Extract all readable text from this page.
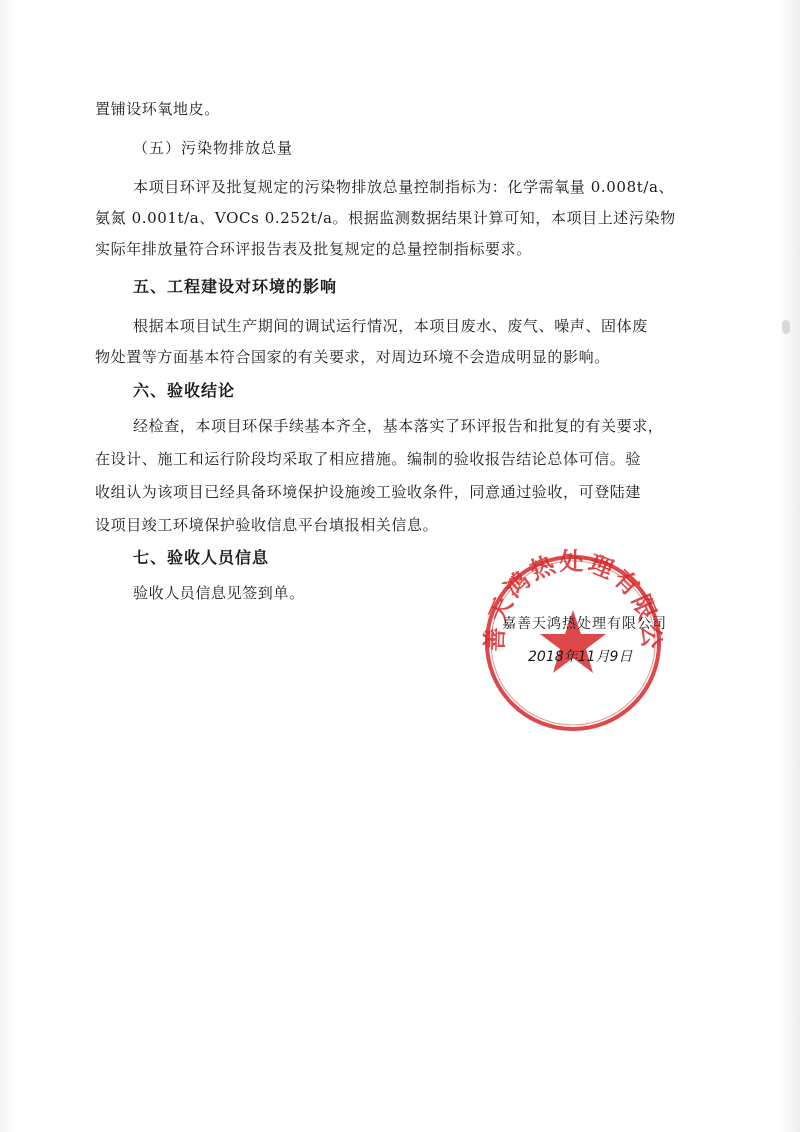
置铺设环氧地皮。
（五）污染物排放总量
本项目环评及批复规定的污染物排放总量控制指标为：化学需氧量 0.008t/a、
氨氮 0.001t/a、VOCs 0.252t/a。根据监测数据结果计算可知，本项目上述污染物
实际年排放量符合环评报告表及批复规定的总量控制指标要求。
五、工程建设对环境的影响
根据本项目试生产期间的调试运行情况，本项目废水、废气、噪声、固体废
物处置等方面基本符合国家的有关要求，对周边环境不会造成明显的影响。
六、验收结论
经检查，本项目环保手续基本齐全，基本落实了环评报告和批复的有关要求，
在设计、施工和运行阶段均采取了相应措施。编制的验收报告结论总体可信。验
收组认为该项目已经具备环境保护设施竣工验收条件，同意通过验收，可登陆建
设项目竣工环境保护验收信息平台填报相关信息。
七、验收人员信息
验收人员信息见签到单。
善天鸿热处理有限公
嘉善天鸿热处理有限公司
2018年11月9日
